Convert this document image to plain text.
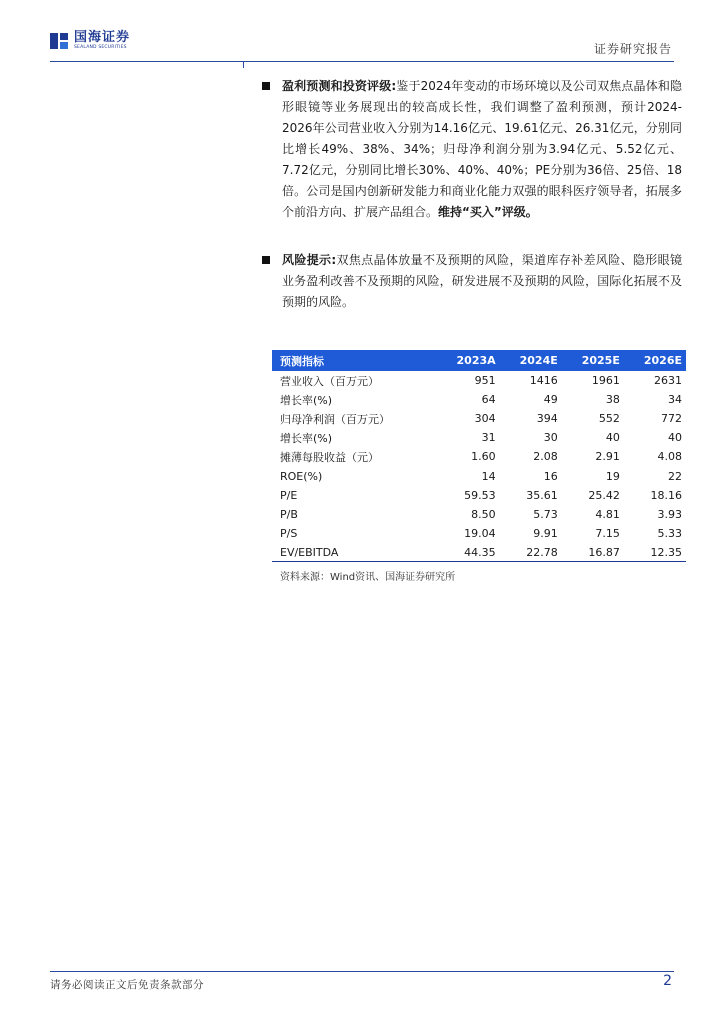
国海证券
SEALAND SECURITIES	证券研究报告

盈利预测和投资评级:鉴于2024年变动的市场环境以及公司双焦点晶体和隐形眼镜等业务展现出的较高成长性，我们调整了盈利预测，预计2024-2026年公司营业收入分别为14.16亿元、19.61亿元、26.31亿元，分别同比增长49%、38%、34%；归母净利润分别为3.94亿元、5.52亿元、7.72亿元，分别同比增长30%、40%、40%；PE分别为36倍、25倍、18倍。公司是国内创新研发能力和商业化能力双强的眼科医疗领导者，拓展多个前沿方向、扩展产品组合。维持“买入”评级。

风险提示:双焦点晶体放量不及预期的风险，渠道库存补差风险、隐形眼镜业务盈利改善不及预期的风险，研发进展不及预期的风险，国际化拓展不及预期的风险。

预测指标	2023A	2024E	2025E	2026E
营业收入（百万元）	951	1416	1961	2631
增长率(%)	64	49	38	34
归母净利润（百万元）	304	394	552	772
增长率(%)	31	30	40	40
摊薄每股收益（元）	1.60	2.08	2.91	4.08
ROE(%)	14	16	19	22
P/E	59.53	35.61	25.42	18.16
P/B	8.50	5.73	4.81	3.93
P/S	19.04	9.91	7.15	5.33
EV/EBITDA	44.35	22.78	16.87	12.35
资料来源：Wind资讯、国海证券研究所
请务必阅读正文后免责条款部分	2
